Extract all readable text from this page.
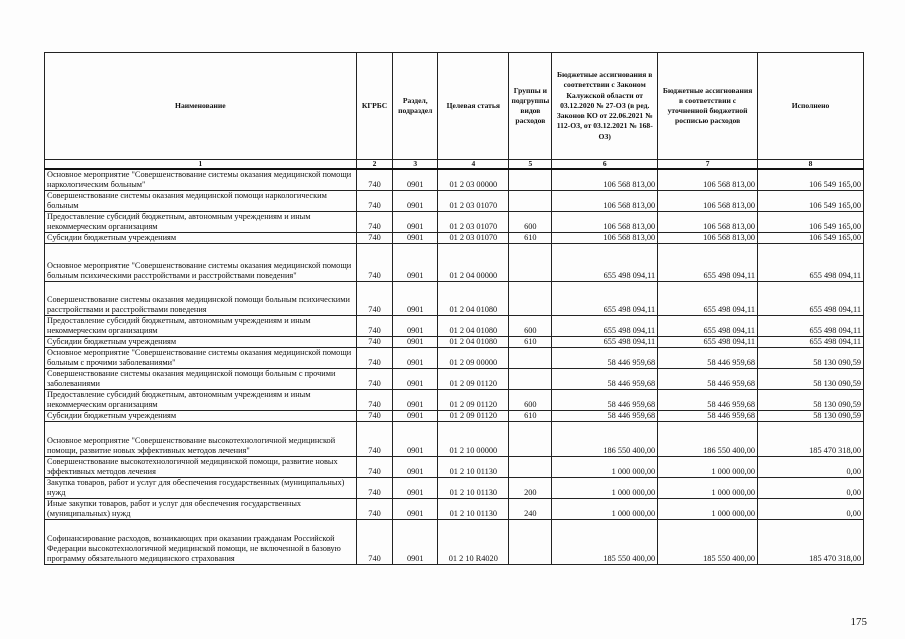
Наименование	КГРБС	Раздел, подраздел	Целевая статья	Группы и подгруппы видов расходов	Бюджетные ассигнования в соответствии с Законом Калужской области от 03.12.2020 № 27-ОЗ (в ред. Законов КО от 22.06.2021 № 112-ОЗ, от 03.12.2021 № 168-ОЗ)	Бюджетные ассигнования в соответствии с уточненной бюджетной росписью расходов	Исполнено
1	2	3	4	5	6	7	8
Основное мероприятие "Совершенствование системы оказания медицинской помощи наркологическим больным"	740	0901	01 2 03 00000		106 568 813,00	106 568 813,00	106 549 165,00
Совершенствование системы оказания медицинской помощи наркологическим больным	740	0901	01 2 03 01070		106 568 813,00	106 568 813,00	106 549 165,00
Предоставление субсидий бюджетным, автономным учреждениям и иным некоммерческим организациям	740	0901	01 2 03 01070	600	106 568 813,00	106 568 813,00	106 549 165,00
Субсидии бюджетным учреждениям	740	0901	01 2 03 01070	610	106 568 813,00	106 568 813,00	106 549 165,00
Основное мероприятие "Совершенствование системы оказания медицинской помощи больным психическими расстройствами и расстройствами поведения"	740	0901	01 2 04 00000		655 498 094,11	655 498 094,11	655 498 094,11
Совершенствование системы оказания медицинской помощи больным психическими расстройствами и расстройствами поведения	740	0901	01 2 04 01080		655 498 094,11	655 498 094,11	655 498 094,11
Предоставление субсидий бюджетным, автономным учреждениям и иным некоммерческим организациям	740	0901	01 2 04 01080	600	655 498 094,11	655 498 094,11	655 498 094,11
Субсидии бюджетным учреждениям	740	0901	01 2 04 01080	610	655 498 094,11	655 498 094,11	655 498 094,11
Основное мероприятие "Совершенствование системы оказания медицинской помощи больным с прочими заболеваниями"	740	0901	01 2 09 00000		58 446 959,68	58 446 959,68	58 130 090,59
Совершенствование системы оказания медицинской помощи больным с прочими заболеваниями	740	0901	01 2 09 01120		58 446 959,68	58 446 959,68	58 130 090,59
Предоставление субсидий бюджетным, автономным учреждениям и иным некоммерческим организациям	740	0901	01 2 09 01120	600	58 446 959,68	58 446 959,68	58 130 090,59
Субсидии бюджетным учреждениям	740	0901	01 2 09 01120	610	58 446 959,68	58 446 959,68	58 130 090,59
Основное мероприятие "Совершенствование высокотехнологичной медицинской помощи, развитие новых эффективных методов лечения"	740	0901	01 2 10 00000		186 550 400,00	186 550 400,00	185 470 318,00
Совершенствование высокотехнологичной медицинской помощи, развитие новых эффективных методов лечения	740	0901	01 2 10 01130		1 000 000,00	1 000 000,00	0,00
Закупка товаров, работ и услуг для обеспечения государственных (муниципальных) нужд	740	0901	01 2 10 01130	200	1 000 000,00	1 000 000,00	0,00
Иные закупки товаров, работ и услуг для обеспечения государственных (муниципальных) нужд	740	0901	01 2 10 01130	240	1 000 000,00	1 000 000,00	0,00
Софинансирование расходов, возникающих при оказании гражданам Российской Федерации высокотехнологичной медицинской помощи, не включенной в базовую программу обязательного медицинского страхования	740	0901	01 2 10 R4020		185 550 400,00	185 550 400,00	185 470 318,00
175
